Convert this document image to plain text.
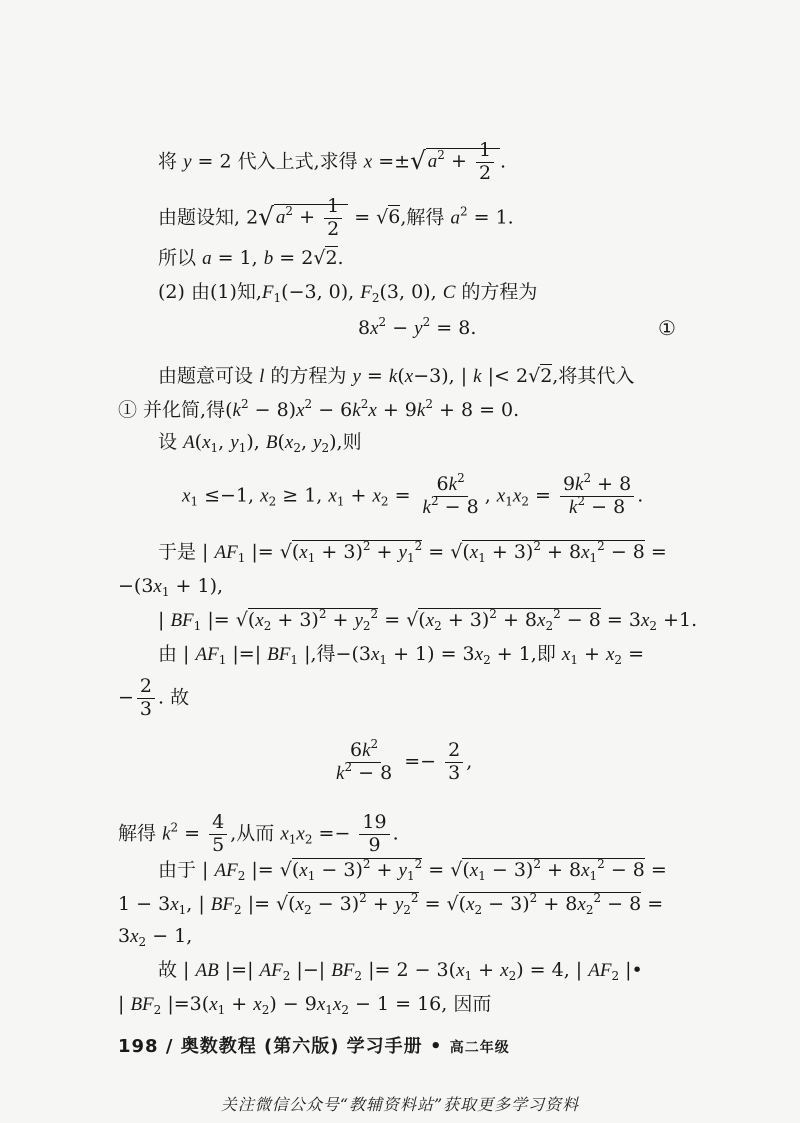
将 y = 2 代入上式,求得 x =±√ $a^2 + \frac{1}{2}$ .
由题设知, 2√ $a^2 + \frac{1}{2} = √6$,解得 $a^2 = 1$.
所以 a = 1, b = 2√2.
(2) 由(1)知$,F_1(-3$, 0), $F_2(3$, 0), C 的方程为
$8x^2 - y^2 = 8$.	①
由题意可设 l 的方程为 y = k(x−3), | k |< 2√2,将其代入
① 并化简,得$(k^2 - 8)x^2 - 6k^2x + 9k^2 + 8 = 0$.
设 $A(x_1$, $y_1$), $B(x_2$, $y_2$),则
$x_1 \le-1$, $x_2 \ge 1$, $x_1 + x_2 = \frac{6k^2}{k^2 - 8}$ , $x_1x_2 = \frac{9k^2 + 8}{k^2 - 8}$ .
于是 | $AF_1$ |= $√(x_1 + 3)^2 + y_1^2 = √(x_1 + 3)^2 + 8x_1^2 - 8$ =
$-(3x_1 + 1)$,
| $BF_1$ |= $√(x_2 + 3)^2 + y_2^2 = √(x_2 + 3)^2 + 8x_2^2 - 8 = 3x_2 +1$.
由 | $AF_1$ |=| $BF_1$ |,得$-(3x_1 + 1) = 3x_2 + 1$,即 $x_1 + x_2$ =
− $\frac{2}{3}$ . 故
$\frac{6k^2}{k^2 - 8} =- \frac{2}{3}$ ,
解得 $k^2 = \frac{4}{5}$ ,从而 $x_1x_2 =- \frac{19}{9}$ .
由于 | $AF_2$ |= $√(x_1 - 3)^2 + y_1^2 = √(x_1 - 3)^2 + 8x_1^2 - 8$ =
$1 - 3x_1$, | $BF_2$ |= $√(x_2 - 3)^2 + y_2^2 = √(x_2 - 3)^2 + 8x_2^2 - 8$ =
$3x_2 - 1$,
故 | AB |=| $AF_2$ |−| $BF_2$ |= $2 - 3(x_1 + x_2) = 4$, | $AF_2$ |•
| $BF_2$ $|=3(x_1 + x_2) - 9x_1x_2 - 1 = 16$, 因而
198 / 奥数教程 (第六版) 学习手册 • 高二年级
关注微信公众号“教辅资料站”获取更多学习资料
